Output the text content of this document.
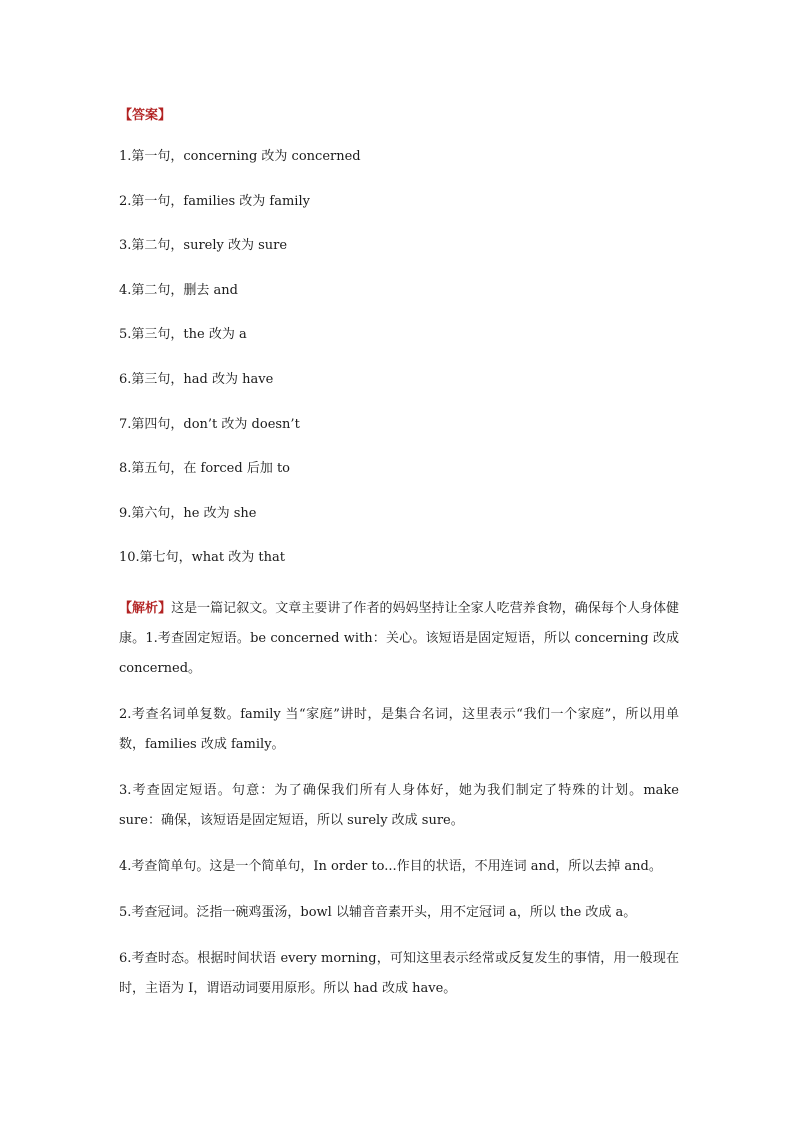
【答案】
1.第一句，concerning 改为 concerned
2.第一句，families 改为 family
3.第二句，surely 改为 sure
4.第二句，删去 and
5.第三句，the 改为 a
6.第三句，had 改为 have
7.第四句，don’t 改为 doesn’t
8.第五句，在 forced 后加 to
9.第六句，he 改为 she
10.第七句，what 改为 that

【解析】这是一篇记叙文。文章主要讲了作者的妈妈坚持让全家人吃营养食物，确保每个人身体健康。1.考查固定短语。be concerned with：关心。该短语是固定短语，所以 concerning 改成 concerned。

2.考查名词单复数。family 当“家庭”讲时，是集合名词，这里表示“我们一个家庭”，所以用单数，families 改成 family。

3.考查固定短语。句意：为了确保我们所有人身体好，她为我们制定了特殊的计划。make sure：确保，该短语是固定短语，所以 surely 改成 sure。

4.考查简单句。这是一个简单句，In order to...作目的状语，不用连词 and，所以去掉 and。

5.考查冠词。泛指一碗鸡蛋汤，bowl 以辅音音素开头，用不定冠词 a，所以 the 改成 a。

6.考查时态。根据时间状语 every morning，可知这里表示经常或反复发生的事情，用一般现在时，主语为 I，谓语动词要用原形。所以 had 改成 have。
